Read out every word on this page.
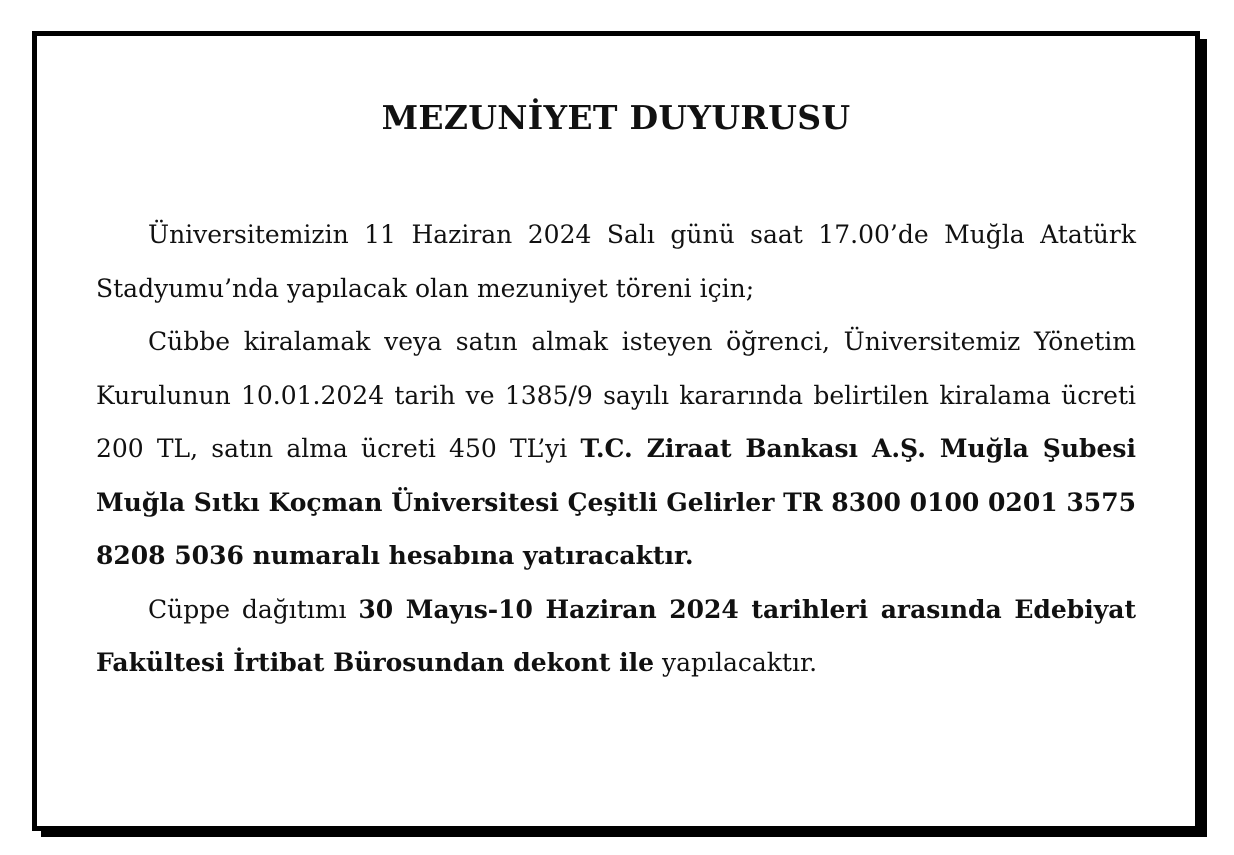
MEZUNİYET DUYURUSU

Üniversitemizin 11 Haziran 2024 Salı günü saat 17.00’de Muğla Atatürk Stadyumu’nda yapılacak olan mezuniyet töreni için;

Cübbe kiralamak veya satın almak isteyen öğrenci, Üniversitemiz Yönetim Kurulunun 10.01.2024 tarih ve 1385/9 sayılı kararında belirtilen kiralama ücreti 200 TL, satın alma ücreti 450 TL’yi T.C. Ziraat Bankası A.Ş. Muğla Şubesi Muğla Sıtkı Koçman Üniversitesi Çeşitli Gelirler TR 8300 0100 0201 3575 8208 5036 numaralı hesabına yatıracaktır.

Cüppe dağıtımı 30 Mayıs-10 Haziran 2024 tarihleri arasında Edebiyat Fakültesi İrtibat Bürosundan dekont ile yapılacaktır.
